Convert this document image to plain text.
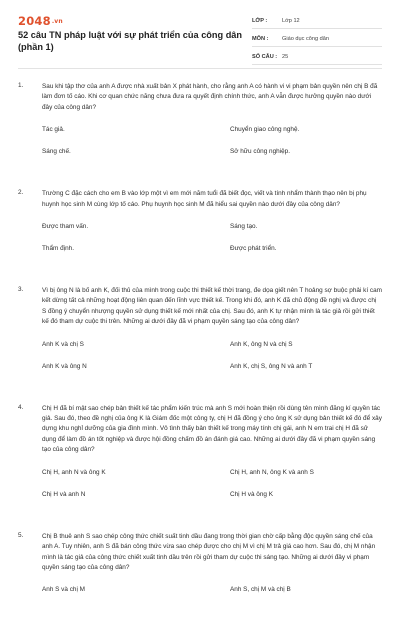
$2048^{.vn}$
52 câu TN pháp luật với sự phát triển của công dân (phần 1)
LỚP :	Lớp 12
MÔN :	Giáo dục công dân
SỐ CÂU : 25
1.	Sau khi tập thơ của anh A được nhà xuất bản X phát hành, cho rằng anh A có hành vi vi phạm bản quyền nên chị B đã làm đơn tố cáo. Khi cơ quan chức năng chưa đưa ra quyết định chính thức, anh A vẫn được hưởng quyền nào dưới đây của công dân?

Tác giả.	Chuyển giao công nghệ.
Sáng chế.	Sở hữu công nghiệp.
2.	Trường C đặc cách cho em B vào lớp một vì em mới năm tuổi đã biết đọc, viết và tính nhẩm thành thạo nên bị phụ huynh học sinh M cùng lớp tố cáo. Phụ huynh học sinh M đã hiểu sai quyền nào dưới đây của công dân?

Được tham vấn.	Sáng tạo.
Thẩm định.	Được phát triển.
3.	Vì bị ông N là bố anh K, đối thủ của mình trong cuộc thi thiết kế thời trang, đe dọa giết nên T hoảng sợ buộc phải kí cam kết dừng tất cả những hoạt động liên quan đến lĩnh vực thiết kế. Trong khi đó, anh K đã chủ động đề nghị và được chị S đồng ý chuyển nhượng quyền sử dụng thiết kế mới nhất của chị. Sau đó, anh K tự nhận mình là tác giả rồi gửi thiết kế đó tham dự cuộc thi trên. Những ai dưới đây đã vi phạm quyền sáng tạo của công dân?

Anh K và chị S	Anh K, ông N và chị S
Anh K và ông N	Anh K, chị S, ông N và anh T
4.	Chị H đã bí mật sao chép bản thiết kế tác phẩm kiến trúc mà anh S mới hoàn thiện rồi dùng tên mình đăng kí quyền tác giả. Sau đó, theo đề nghị của ông K là Giám đốc một công ty, chị H đã đồng ý cho ông K sử dụng bản thiết kế đó để xây dựng khu nghỉ dưỡng của gia đình mình. Vô tình thấy bản thiết kế trong máy tính chị gái, anh N em trai chị H đã sử dụng để làm đồ án tốt nghiệp và được hội đồng chấm đồ án đánh giá cao. Những ai dưới đây đã vi phạm quyền sáng tạo của công dân?

Chị H, anh N và ông K	Chị H, anh N, ông K và anh S
Chị H và anh N	Chị H và ông K
5.	Chị B thuê anh S sao chép công thức chiết suất tinh dầu đang trong thời gian chờ cấp bằng độc quyền sáng chế của anh A. Tuy nhiên, anh S đã bán công thức vừa sao chép được cho chị M vì chị M trả giá cao hơn. Sau đó, chị M nhận mình là tác giả của công thức chiết xuất tinh dầu trên rồi gửi tham dự cuộc thi sáng tạo. Những ai dưới đây vi phạm quyền sáng tạo của công dân?

Anh S và chị M	Anh S, chị M và chị B
